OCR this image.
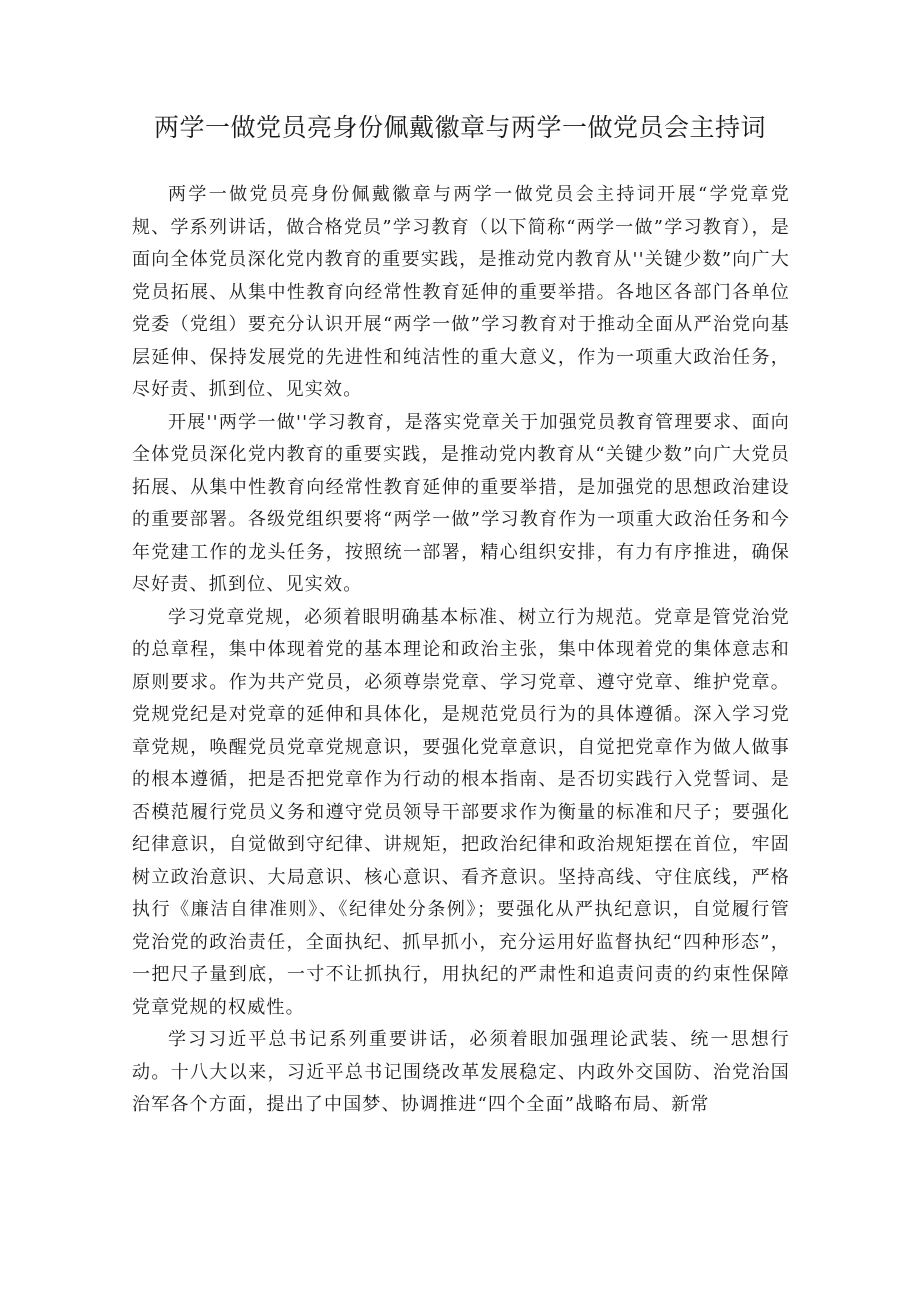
两学一做党员亮身份佩戴徽章与两学一做党员会主持词

两学一做党员亮身份佩戴徽章与两学一做党员会主持词开展“学党章党规、学系列讲话，做合格党员”学习教育（以下简称“两学一做”学习教育），是面向全体党员深化党内教育的重要实践，是推动党内教育从''关键少数”向广大党员拓展、从集中性教育向经常性教育延伸的重要举措。各地区各部门各单位党委（党组）要充分认识开展“两学一做”学习教育对于推动全面从严治党向基层延伸、保持发展党的先进性和纯洁性的重大意义，作为一项重大政治任务，尽好责、抓到位、见实效。

开展''两学一做''学习教育，是落实党章关于加强党员教育管理要求、面向全体党员深化党内教育的重要实践，是推动党内教育从“关键少数”向广大党员拓展、从集中性教育向经常性教育延伸的重要举措，是加强党的思想政治建设的重要部署。各级党组织要将“两学一做”学习教育作为一项重大政治任务和今年党建工作的龙头任务，按照统一部署，精心组织安排，有力有序推进，确保尽好责、抓到位、见实效。

学习党章党规，必须着眼明确基本标准、树立行为规范。党章是管党治党的总章程，集中体现着党的基本理论和政治主张，集中体现着党的集体意志和原则要求。作为共产党员，必须尊崇党章、学习党章、遵守党章、维护党章。党规党纪是对党章的延伸和具体化，是规范党员行为的具体遵循。深入学习党章党规，唤醒党员党章党规意识，要强化党章意识，自觉把党章作为做人做事的根本遵循，把是否把党章作为行动的根本指南、是否切实践行入党誓词、是否模范履行党员义务和遵守党员领导干部要求作为衡量的标准和尺子；要强化纪律意识，自觉做到守纪律、讲规矩，把政治纪律和政治规矩摆在首位，牢固树立政治意识、大局意识、核心意识、看齐意识。坚持高线、守住底线，严格执行《廉洁自律准则》、《纪律处分条例》；要强化从严执纪意识，自觉履行管党治党的政治责任，全面执纪、抓早抓小，充分运用好监督执纪“四种形态”，一把尺子量到底，一寸不让抓执行，用执纪的严肃性和追责问责的约束性保障党章党规的权威性。

学习习近平总书记系列重要讲话，必须着眼加强理论武装、统一思想行动。十八大以来，习近平总书记围绕改革发展稳定、内政外交国防、治党治国治军各个方面，提出了中国梦、协调推进“四个全面”战略布局、新常
